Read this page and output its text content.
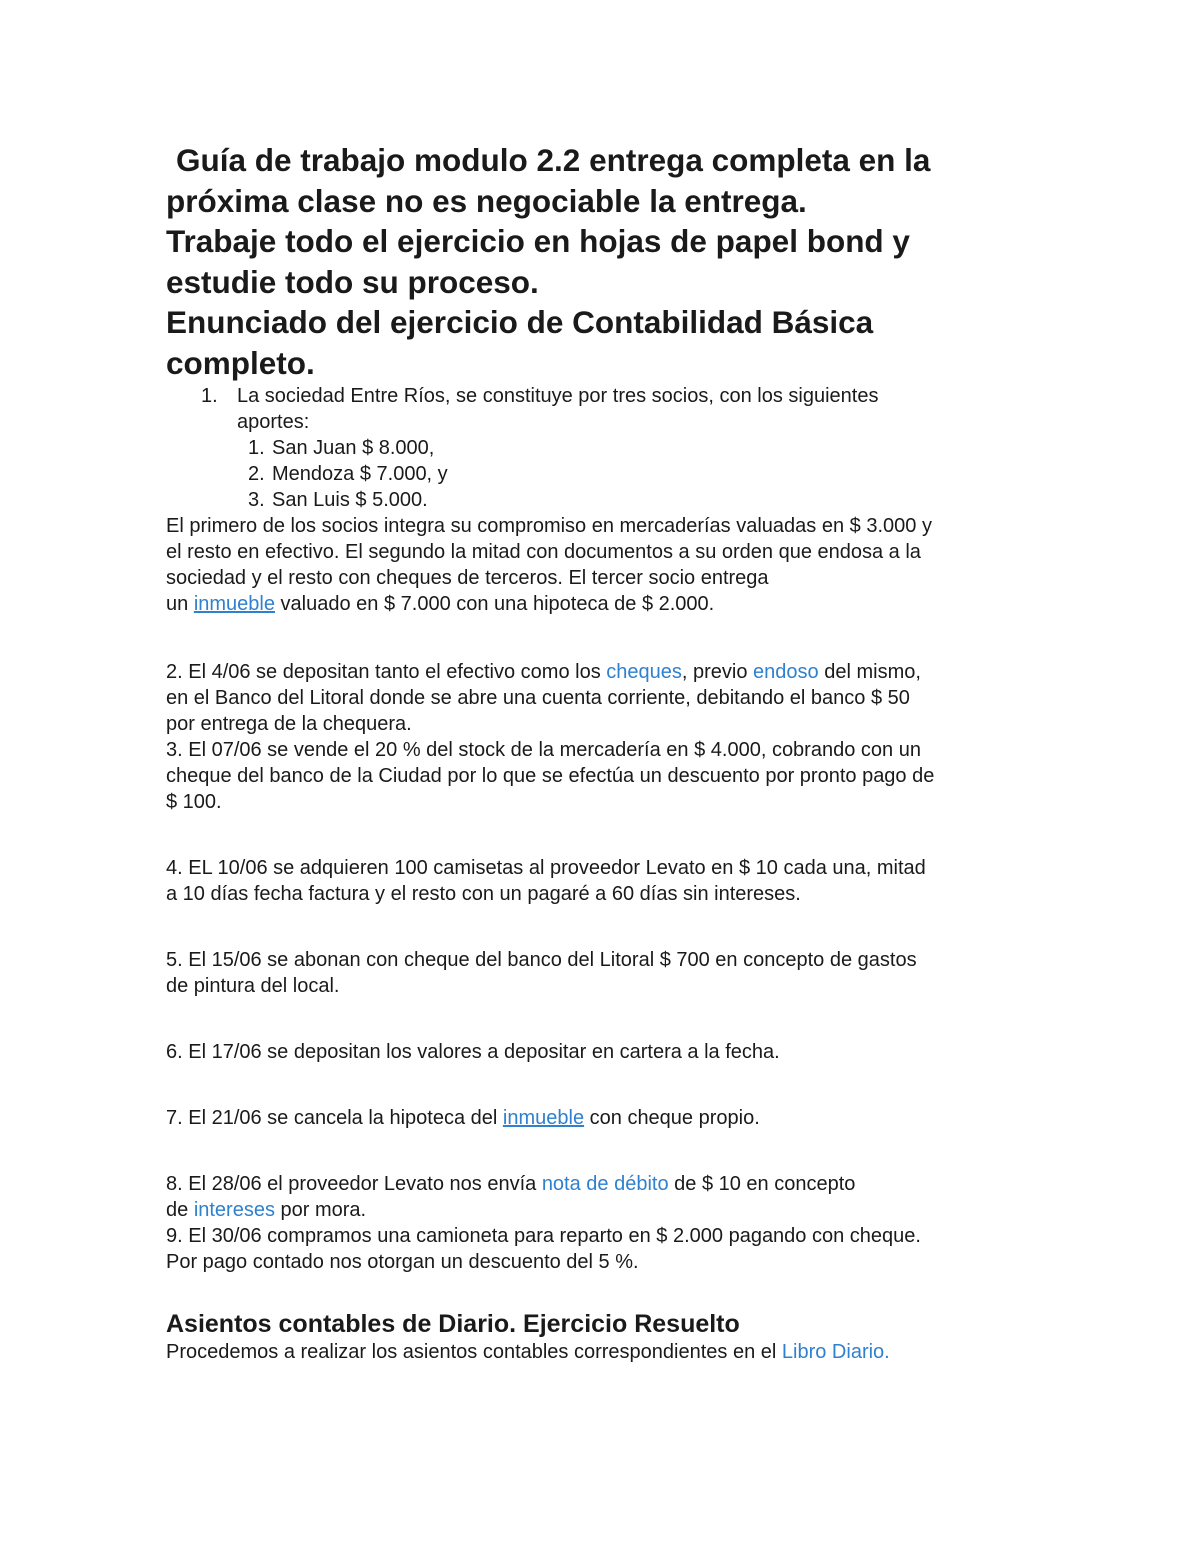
Guía de trabajo modulo 2.2 entrega completa en la
próxima clase no es negociable la entrega.
Trabaje todo el ejercicio en hojas de papel bond y
estudie todo su proceso.
Enunciado del ejercicio de Contabilidad Básica
completo.
1. La sociedad Entre Ríos, se constituye por tres socios, con los siguientes
aportes:
1. San Juan $ 8.000,
2. Mendoza $ 7.000, y
3. San Luis $ 5.000.

El primero de los socios integra su compromiso en mercaderías valuadas en $ 3.000 y
el resto en efectivo. El segundo la mitad con documentos a su orden que endosa a la
sociedad y el resto con cheques de terceros. El tercer socio entrega
un inmueble valuado en $ 7.000 con una hipoteca de $ 2.000.

2. El 4/06 se depositan tanto el efectivo como los cheques, previo endoso del mismo,
en el Banco del Litoral donde se abre una cuenta corriente, debitando el banco $ 50
por entrega de la chequera.

3. El 07/06 se vende el 20 % del stock de la mercadería en $ 4.000, cobrando con un
cheque del banco de la Ciudad por lo que se efectúa un descuento por pronto pago de
$ 100.

4. EL 10/06 se adquieren 100 camisetas al proveedor Levato en $ 10 cada una, mitad
a 10 días fecha factura y el resto con un pagaré a 60 días sin intereses.

5. El 15/06 se abonan con cheque del banco del Litoral $ 700 en concepto de gastos
de pintura del local.

6. El 17/06 se depositan los valores a depositar en cartera a la fecha.

7. El 21/06 se cancela la hipoteca del inmueble con cheque propio.

8. El 28/06 el proveedor Levato nos envía nota de débito de $ 10 en concepto
de intereses por mora.

9. El 30/06 compramos una camioneta para reparto en $ 2.000 pagando con cheque.
Por pago contado nos otorgan un descuento del 5 %.

Asientos contables de Diario. Ejercicio Resuelto

Procedemos a realizar los asientos contables correspondientes en el Libro Diario.
